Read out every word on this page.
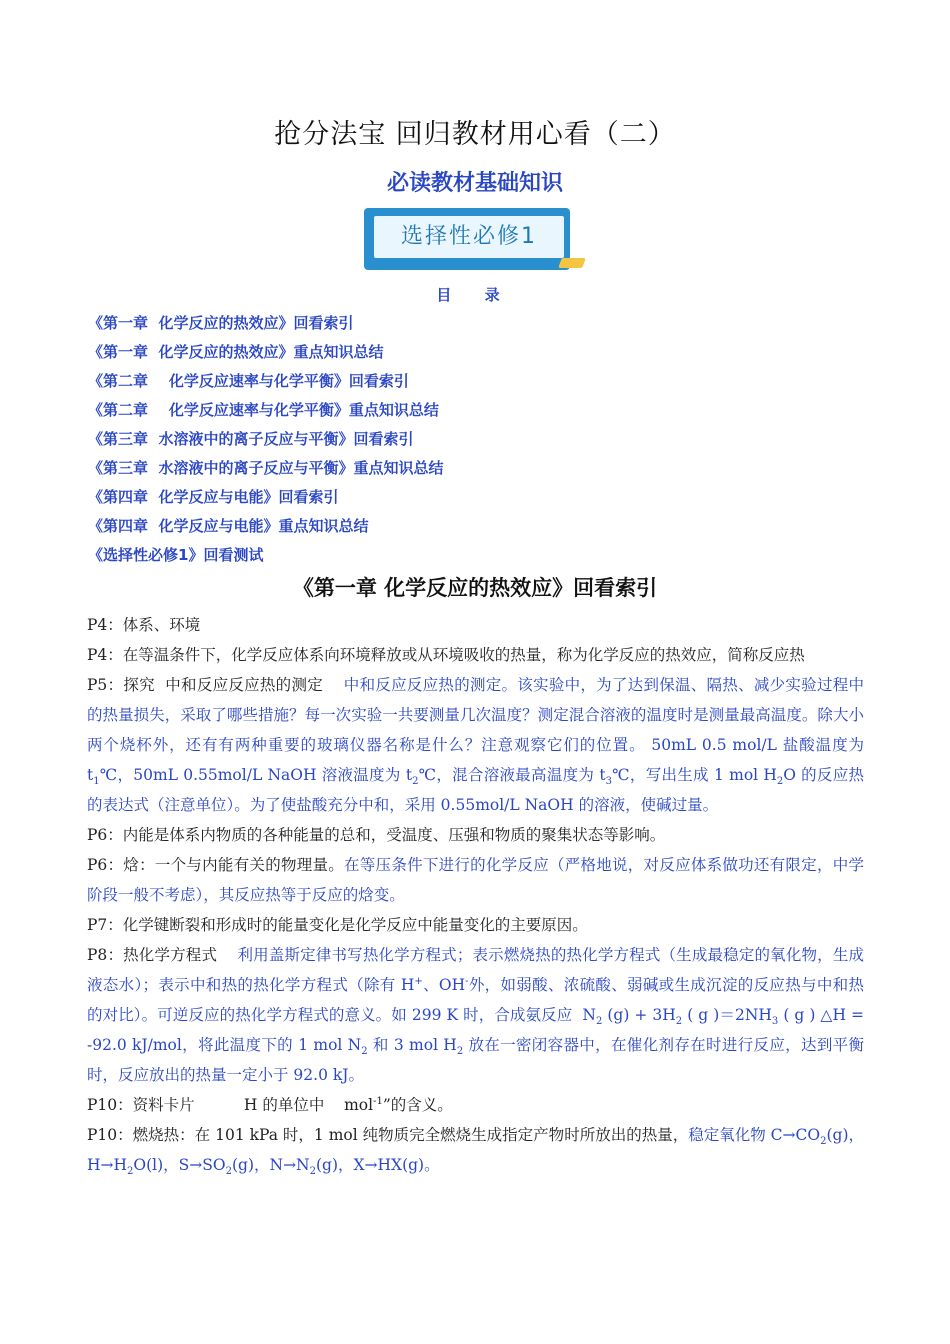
抢分法宝 回归教材用心看（二）
必读教材基础知识
选择性必修1
目 录
《第一章  化学反应的热效应》回看索引
《第一章  化学反应的热效应》重点知识总结
《第二章    化学反应速率与化学平衡》回看索引
《第二章    化学反应速率与化学平衡》重点知识总结
《第三章  水溶液中的离子反应与平衡》回看索引
《第三章  水溶液中的离子反应与平衡》重点知识总结
《第四章  化学反应与电能》回看索引
《第四章  化学反应与电能》重点知识总结
《选择性必修1》回看测试
《第一章 化学反应的热效应》回看索引

P4：体系、环境

P4：在等温条件下，化学反应体系向环境释放或从环境吸收的热量，称为化学反应的热效应，简称反应热

P5：探究  中和反应反应热的测定    中和反应反应热的测定。该实验中，为了达到保温、隔热、减少实验过程中的热量损失，采取了哪些措施？每一次实验一共要测量几次温度？测定混合溶液的温度时是测量最高温度。除大小两个烧杯外，还有有两种重要的玻璃仪器名称是什么？注意观察它们的位置。 50mL 0.5 mol/L 盐酸温度为 $t_1℃$，50mL 0.55mol/L NaOH 溶液温度为 $t_2℃$，混合溶液最高温度为 $t_3℃$，写出生成 1 mol $H_2O$ 的反应热的表达式（注意单位）。为了使盐酸充分中和，采用 0.55mol/L NaOH 的溶液，使碱过量。

P6：内能是体系内物质的各种能量的总和，受温度、压强和物质的聚集状态等影响。

P6：焓：一个与内能有关的物理量。在等压条件下进行的化学反应（严格地说，对反应体系做功还有限定，中学阶段一般不考虑），其反应热等于反应的焓变。

P7：化学键断裂和形成时的能量变化是化学反应中能量变化的主要原因。

P8：热化学方程式    利用盖斯定律书写热化学方程式；表示燃烧热的热化学方程式（生成最稳定的氧化物，生成液态水）；表示中和热的热化学方程式（除有 H+、OH-外，如弱酸、浓硫酸、弱碱或生成沉淀的反应热与中和热的对比）。可逆反应的热化学方程式的意义。如 299 K 时，合成氨反应  $N_2$ $(g) + 3H_2$ ( g )$=2NH_3$ ( g ) △H = -92.0 kJ/mol，将此温度下的 1 mol $N_2$ 和 3 mol $H_2$ 放在一密闭容器中，在催化剂存在时进行反应，达到平衡时，反应放出的热量一定小于 92.0 kJ。

P10：资料卡片          H 的单位中    mol$^{-1}$”的含义。

P10：燃烧热：在 101 kPa 时，1 mol 纯物质完全燃烧生成指定产物时所放出的热量，稳定氧化物 $C\to CO_2(g)$，$H\to H_2O(l)$，$S\to SO_2(g)$，$N\to N_2(g)$，X→HX(g)。
